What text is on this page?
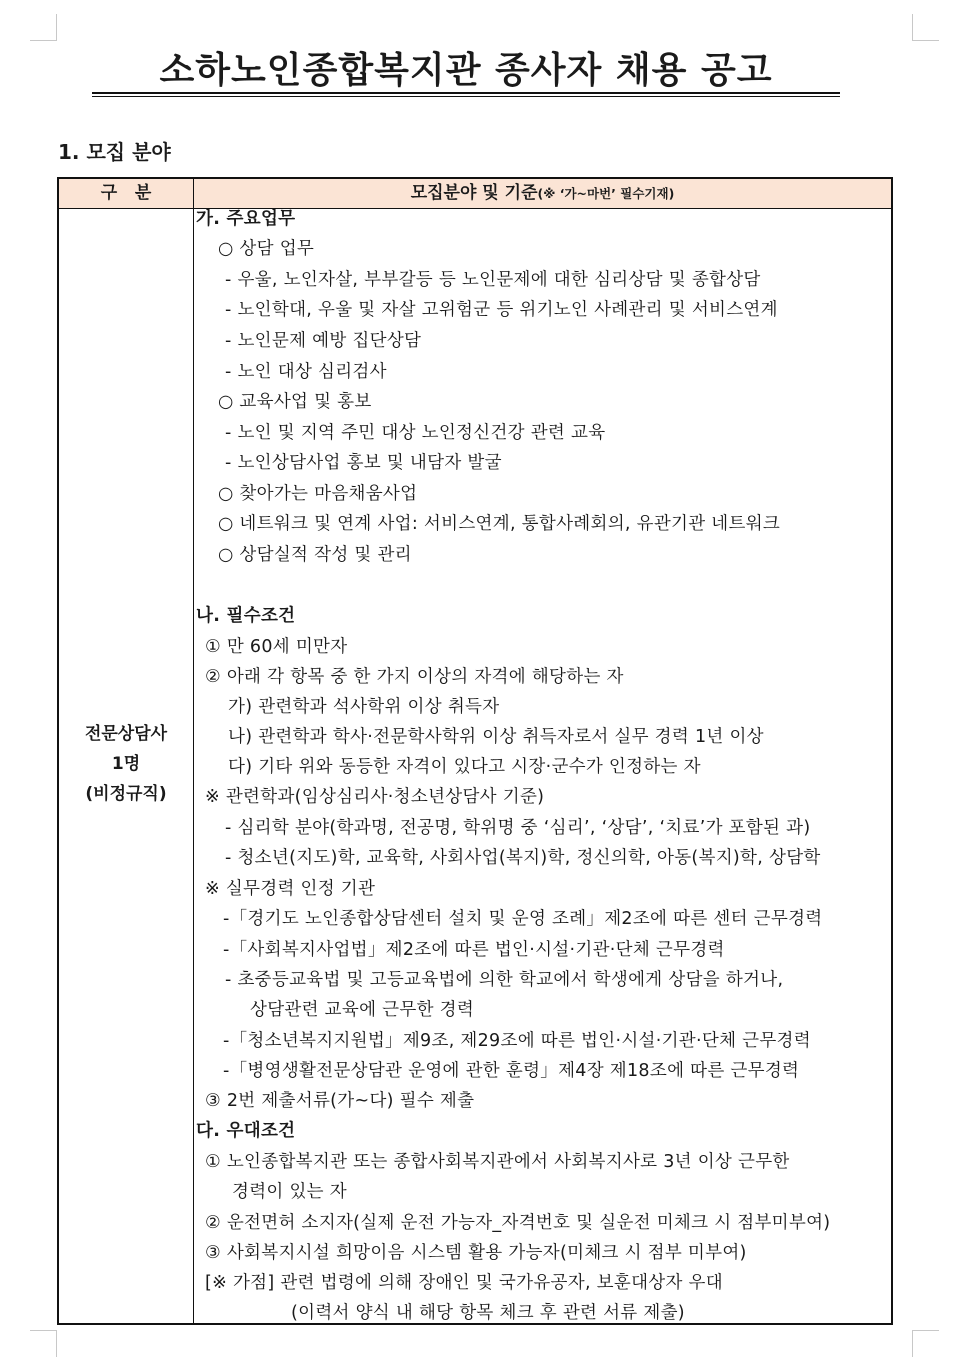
소하노인종합복지관 종사자 채용 공고
1. 모집 분야
구   분	모집분야 및 기준(※ ‘가~마번’ 필수기재)
전문상담사
1명
(비정규직)
가. 주요업무
○ 상담 업무
- 우울, 노인자살, 부부갈등 등 노인문제에 대한 심리상담 및 종합상담
- 노인학대, 우울 및 자살 고위험군 등 위기노인 사례관리 및 서비스연계
- 노인문제 예방 집단상담
- 노인 대상 심리검사
○ 교육사업 및 홍보
- 노인 및 지역 주민 대상 노인정신건강 관련 교육
- 노인상담사업 홍보 및 내담자 발굴
○ 찾아가는 마음채움사업
○ 네트워크 및 연계 사업: 서비스연계, 통합사례회의, 유관기관 네트워크
○ 상담실적 작성 및 관리
나. 필수조건
① 만 60세 미만자
② 아래 각 항목 중 한 가지 이상의 자격에 해당하는 자
가) 관련학과 석사학위 이상 취득자
나) 관련학과 학사·전문학사학위 이상 취득자로서 실무 경력 1년 이상
다) 기타 위와 동등한 자격이 있다고 시장·군수가 인정하는 자
※ 관련학과(임상심리사·청소년상담사 기준)
- 심리학 분야(학과명, 전공명, 학위명 중 ‘심리’, ‘상담’, ‘치료’가 포함된 과)
- 청소년(지도)학, 교육학, 사회사업(복지)학, 정신의학, 아동(복지)학, 상담학
※ 실무경력 인정 기관
-「경기도 노인종합상담센터 설치 및 운영 조례」제2조에 따른 센터 근무경력
-「사회복지사업법」제2조에 따른 법인·시설·기관·단체 근무경력
- 초중등교육법 및 고등교육법에 의한 학교에서 학생에게 상담을 하거나,
상담관련 교육에 근무한 경력
-「청소년복지지원법」제9조, 제29조에 따른 법인·시설·기관·단체 근무경력
-「병영생활전문상담관 운영에 관한 훈령」제4장 제18조에 따른 근무경력
③ 2번 제출서류(가~다) 필수 제출
다. 우대조건
① 노인종합복지관 또는 종합사회복지관에서 사회복지사로 3년 이상 근무한
경력이 있는 자
② 운전면허 소지자(실제 운전 가능자_자격번호 및 실운전 미체크 시 점부미부여)
③ 사회복지시설 희망이음 시스템 활용 가능자(미체크 시 점부 미부여)
[※ 가점] 관련 법령에 의해 장애인 및 국가유공자, 보훈대상자 우대
(이력서 양식 내 해당 항목 체크 후 관련 서류 제출)
